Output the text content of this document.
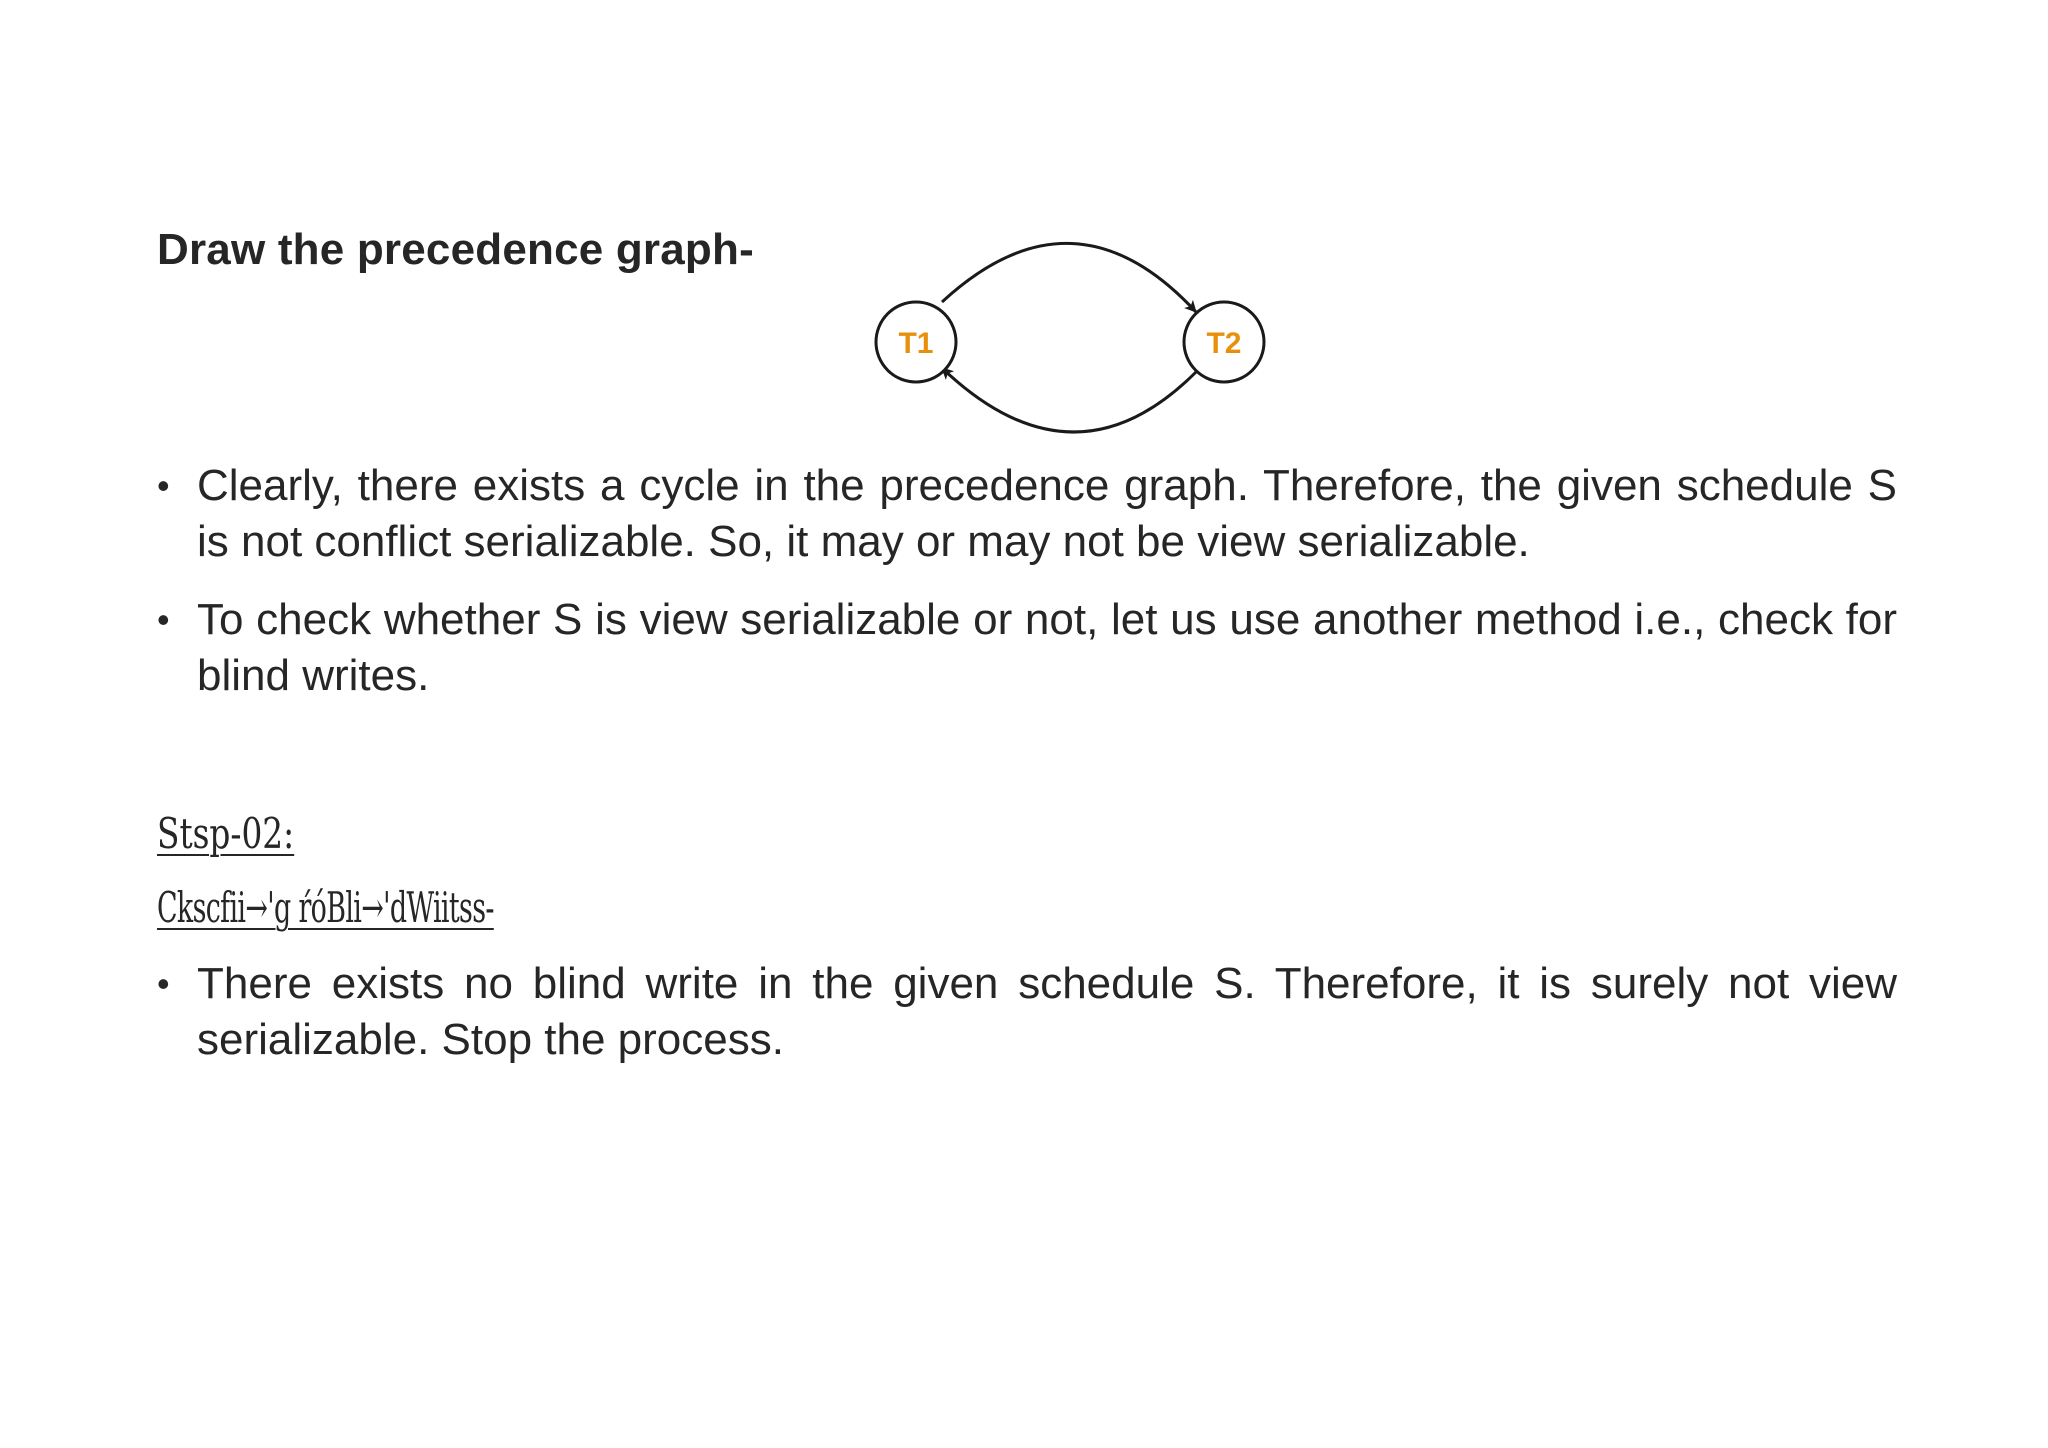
Draw the precedence graph-
T1	T2
• Clearly, there exists a cycle in the precedence graph. Therefore, the given schedule S is not conflict serializable. So, it may or may not be view serializable.
• To check whether S is view serializable or not, let us use another method i.e., check for blind writes.

Stsp-02:

Ckscfii→'g ŕóBli→'dWiitss-

• There exists no blind write in the given schedule S. Therefore, it is surely not view serializable. Stop the process.
